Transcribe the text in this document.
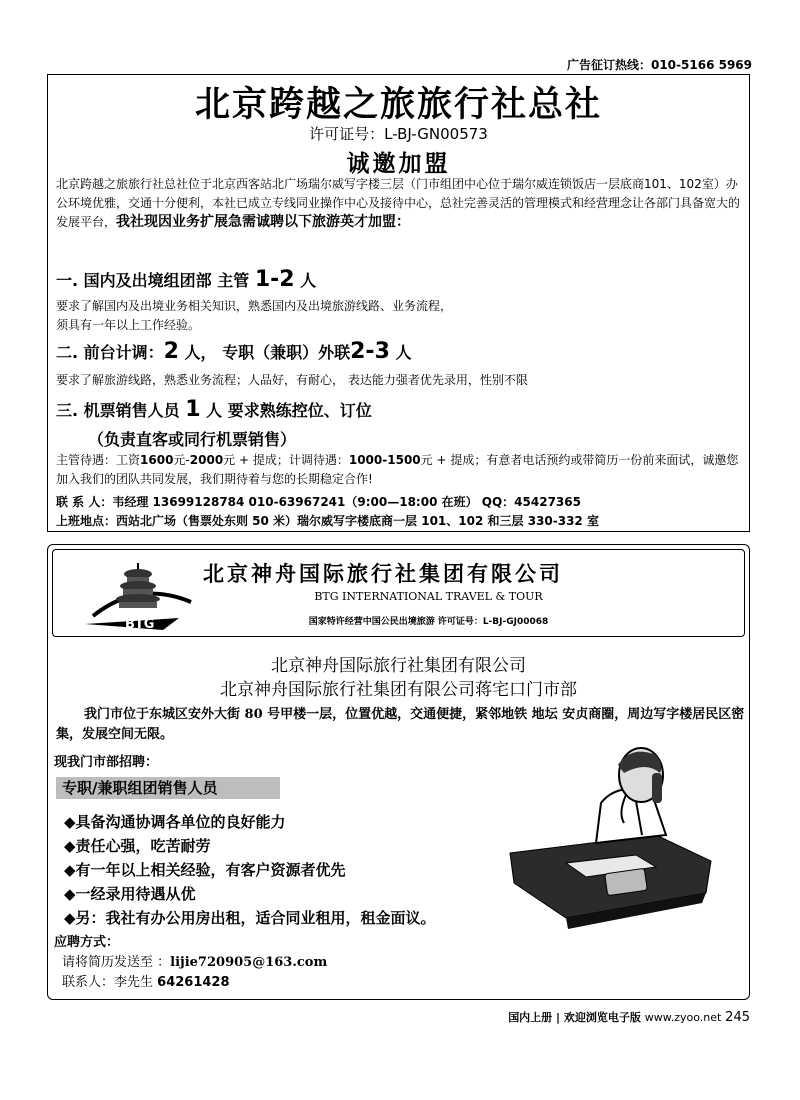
广告征订热线：010-5166 5969
北京跨越之旅旅行社总社
许可证号：L-BJ-GN00573
诚邀加盟
北京跨越之旅旅行社总社位于北京西客站北广场瑞尔威写字楼三层（门市组团中心位于瑞尔威连锁饭店一层底商101、102室）办公环境优雅，交通十分便利，本社已成立专线同业操作中心及接待中心，总社完善灵活的管理模式和经营理念让各部门具备宽大的发展平台，我社现因业务扩展急需诚聘以下旅游英才加盟：
一. 国内及出境组团部 主管 1-2 人
要求了解国内及出境业务相关知识，熟悉国内及出境旅游线路、业务流程，
须具有一年以上工作经验。
二. 前台计调：2 人， 专职（兼职）外联2-3 人
要求了解旅游线路，熟悉业务流程；人品好，有耐心， 表达能力强者优先录用，性别不限
三. 机票销售人员 1 人 要求熟练控位、订位
（负责直客或同行机票销售）
主管待遇：工资1600元-2000元 + 提成；计调待遇：1000-1500元 + 提成；有意者电话预约或带简历一份前来面试，诚邀您加入我们的团队共同发展，我们期待着与您的长期稳定合作!
联 系 人：韦经理 13699128784 010-63967241（9:00—18:00 在班） QQ：45427365
上班地点：西站北广场（售票处东则 50 米）瑞尔威写字楼底商一层 101、102 和三层 330-332 室
BTG
北京神舟国际旅行社集团有限公司
BTG INTERNATIONAL TRAVEL & TOUR
国家特许经营中国公民出境旅游 许可证号：L-BJ-GJ00068
北京神舟国际旅行社集团有限公司
北京神舟国际旅行社集团有限公司蒋宅口门市部
我门市位于东城区安外大街 80 号甲楼一层，位置优越，交通便捷，紧邻地铁 地坛 安贞商圈，周边写字楼居民区密集，发展空间无限。
现我门市部招聘：
专职/兼职组团销售人员
◆具备沟通协调各单位的良好能力
◆责任心强，吃苦耐劳
◆有一年以上相关经验，有客户资源者优先
◆一经录用待遇从优
◆另：我社有办公用房出租，适合同业租用，租金面议。
应聘方式：
请将简历发送至 ：lijie720905@163.com
联系人：李先生 64261428
国内上册 | 欢迎浏览电子版 www.zyoo.net 245
